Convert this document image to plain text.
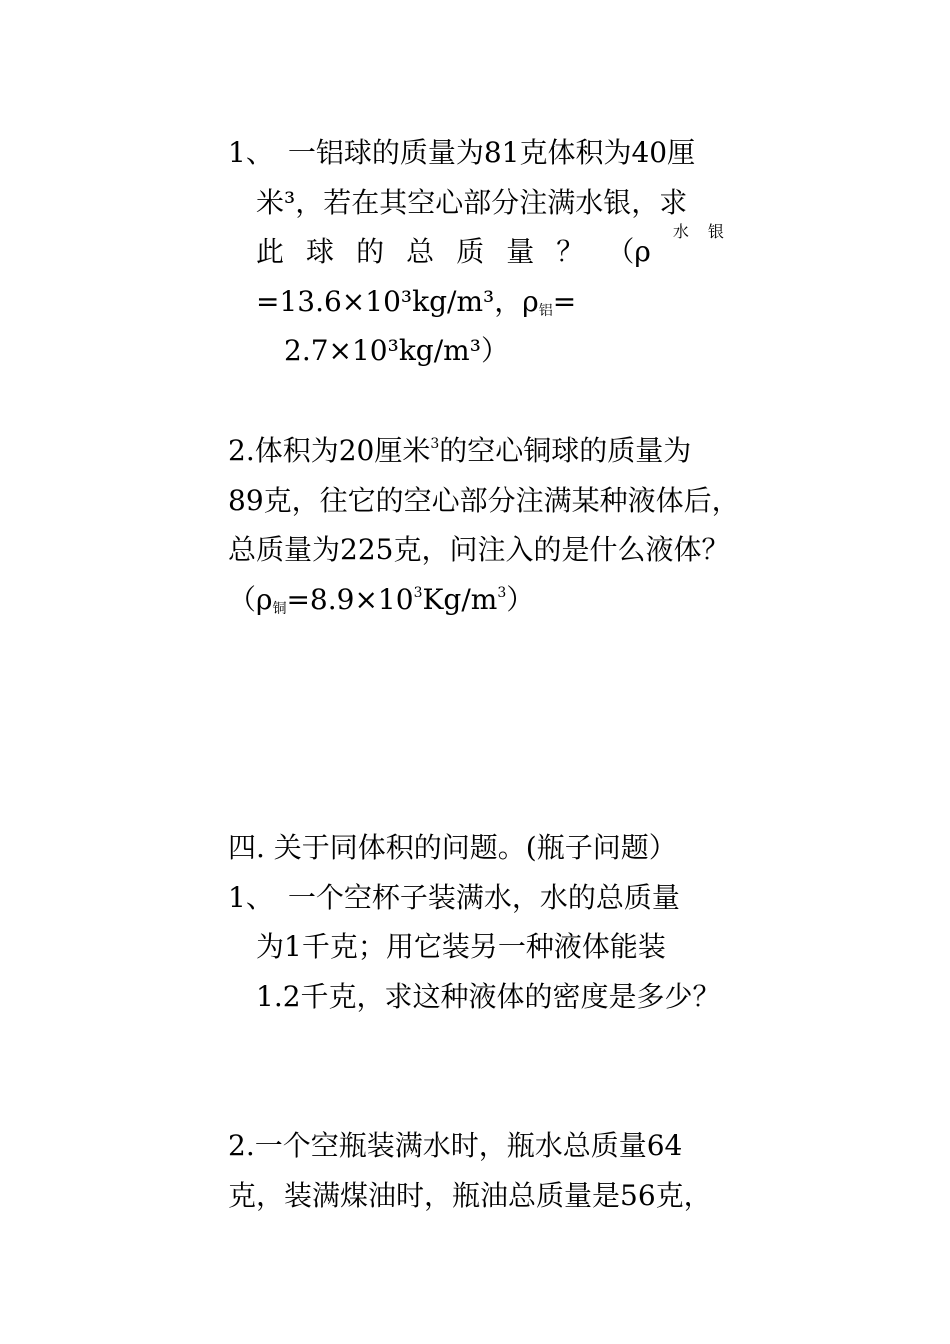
1、　一铝球的质量为81克体积为40厘
米³，若在其空心部分注满水银，求
此 球 的 总 质 量 ？ （ρ
水 银
=13.6×10³kg/m³，$\rho_铝=$
2.7×10³kg/m³）
2.体积为20厘米$^3$的空心铜球的质量为
89克，往它的空心部分注满某种液体后，
总质量为225克，问注入的是什么液体？
$(\rho_铜=8.9\times 10^3Kg/m^3)$
四. 关于同体积的问题。(瓶子问题）
1、　一个空杯子装满水，水的总质量
为1千克；用它装另一种液体能装
1.2千克，求这种液体的密度是多少？
2.一个空瓶装满水时，瓶水总质量64
克，装满煤油时，瓶油总质量是56克，
